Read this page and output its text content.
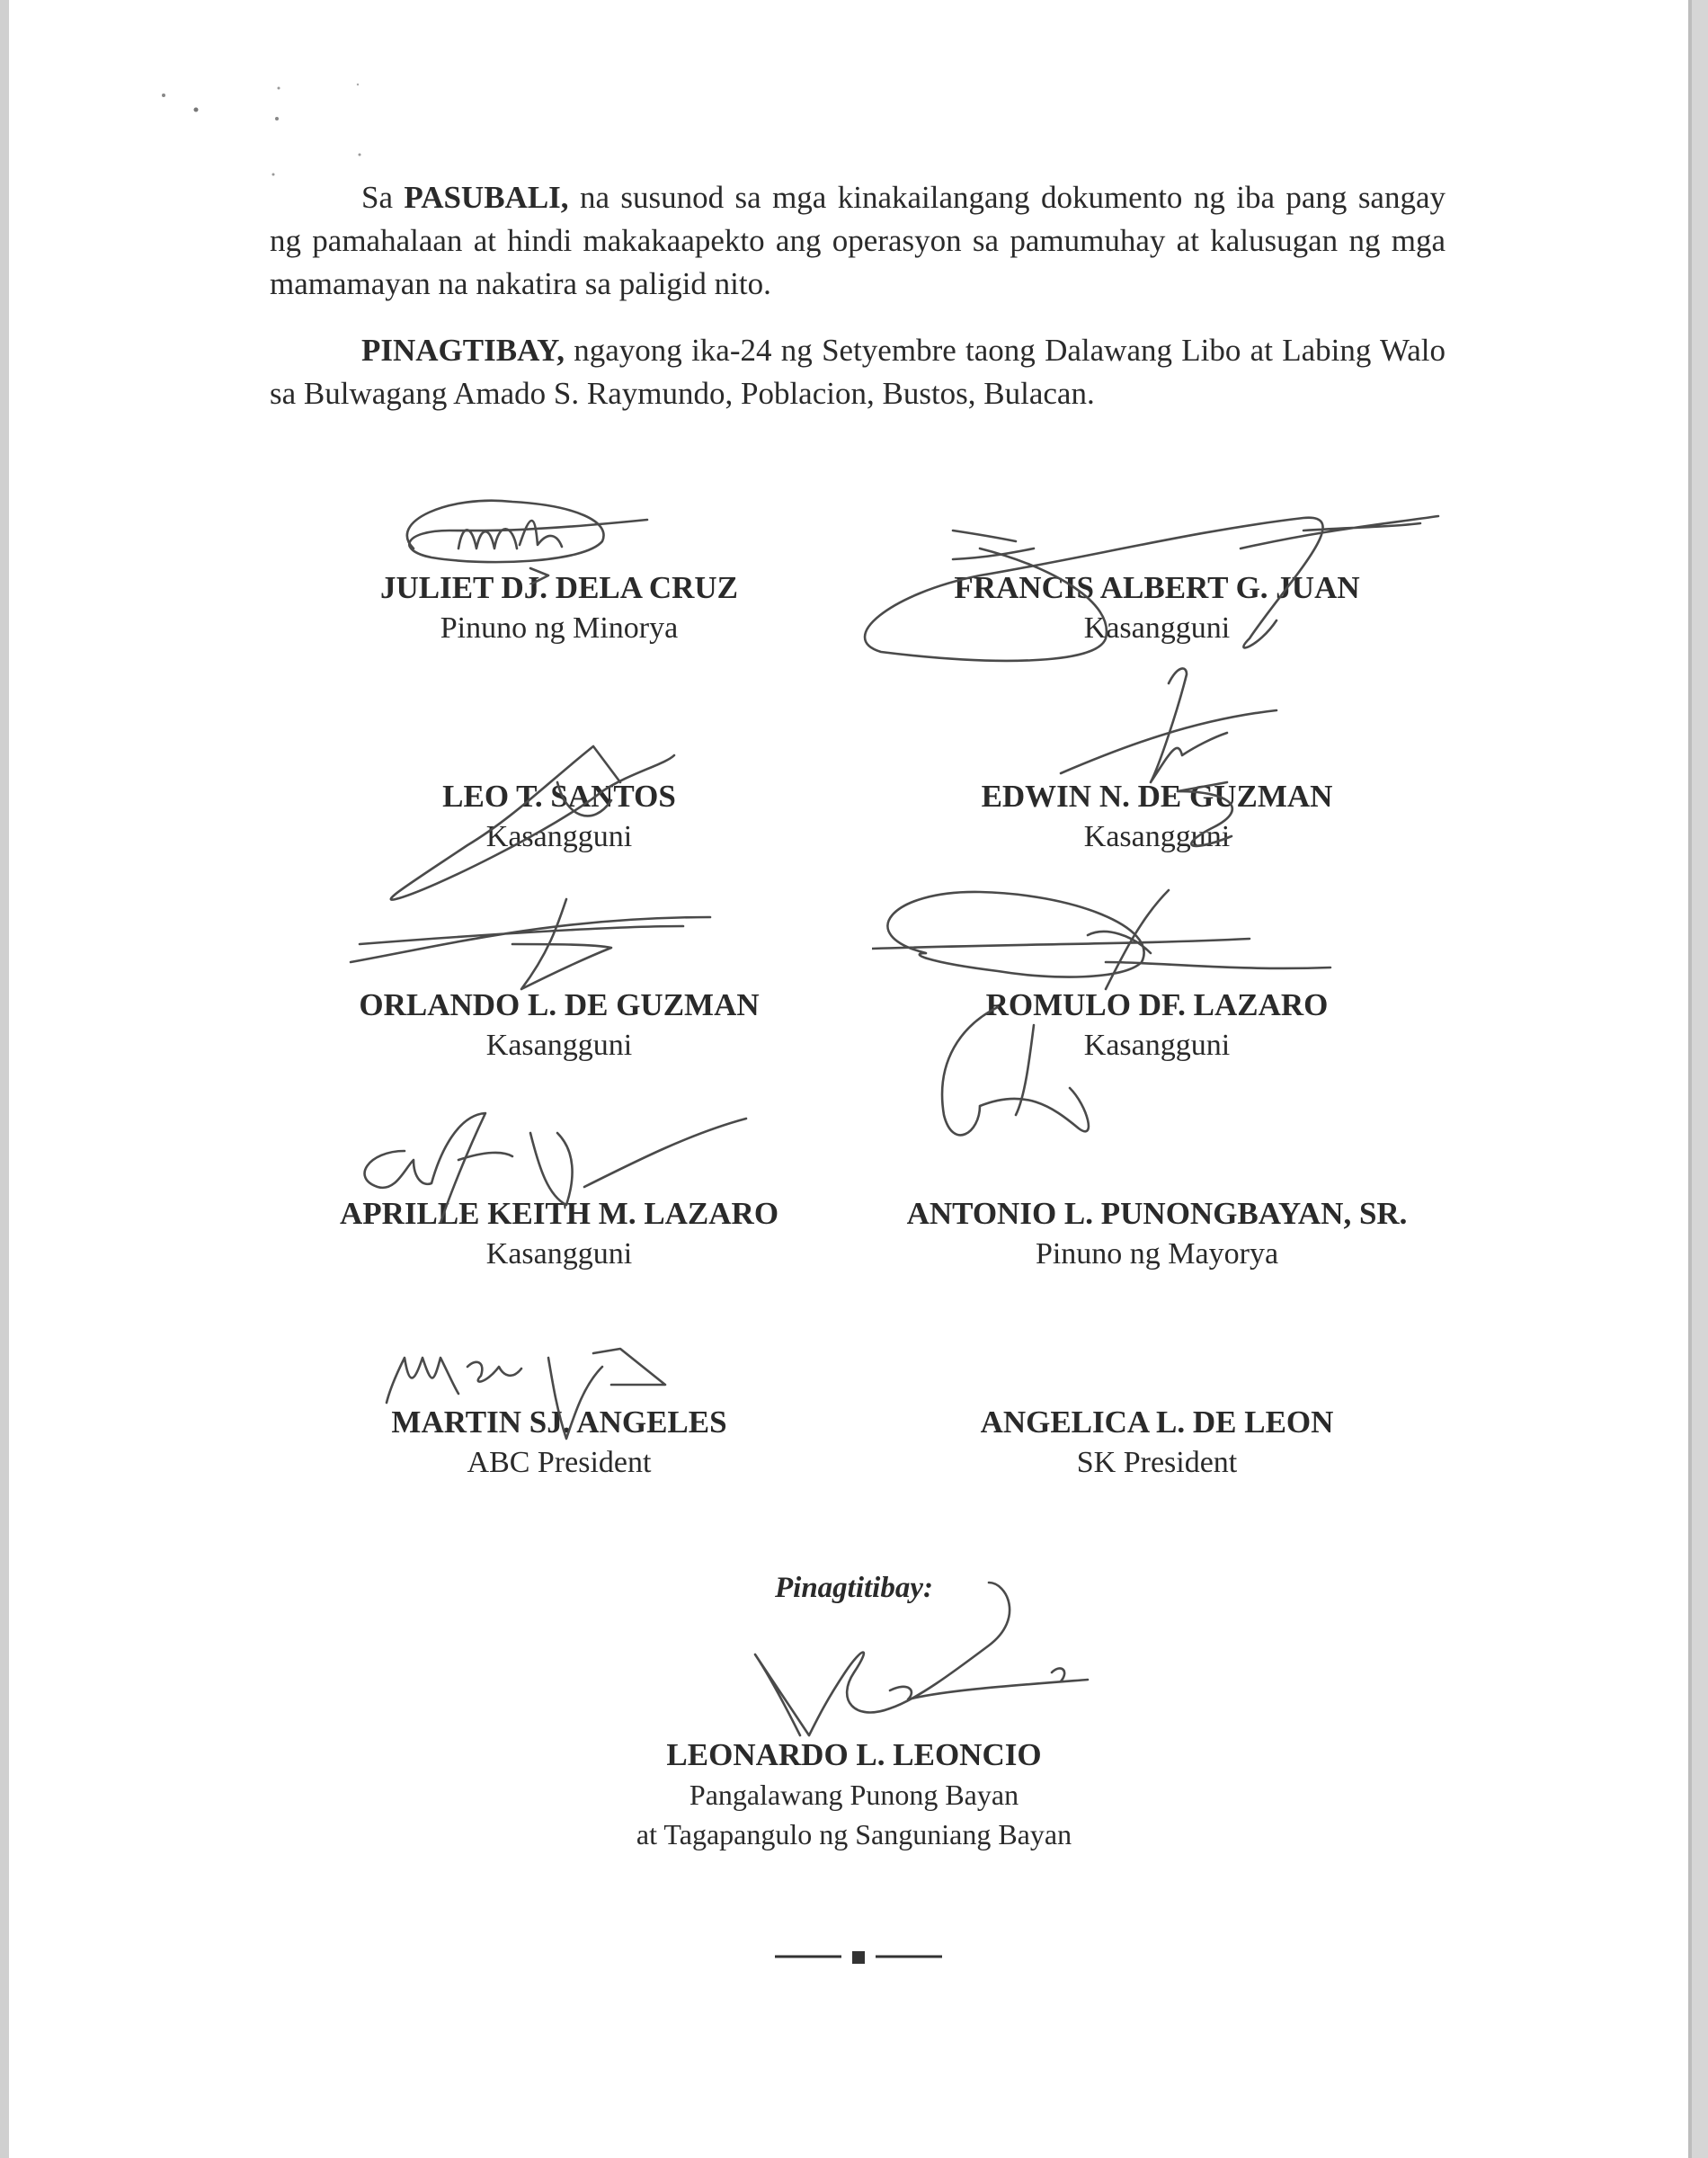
Sa PASUBALI, na susunod sa mga kinakailangang dokumento ng iba pang sangay ng pamahalaan at hindi makakaapekto ang operasyon sa pamumuhay at kalusugan ng mga mamamayan na nakatira sa paligid nito.

PINAGTIBAY, ngayong ika-24 ng Setyembre taong Dalawang Libo at Labing Walo sa Bulwagang Amado S. Raymundo, Poblacion, Bustos, Bulacan.

JULIET DJ. DELA CRUZ
Pinuno ng Minorya
FRANCIS ALBERT G. JUAN
Kasangguni
LEO T. SANTOS
Kasangguni
EDWIN N. DE GUZMAN
Kasangguni
ORLANDO L. DE GUZMAN
Kasangguni
ROMULO DF. LAZARO
Kasangguni
APRILLE KEITH M. LAZARO
Kasangguni
ANTONIO L. PUNONGBAYAN, SR.
Pinuno ng Mayorya
MARTIN SJ. ANGELES
ABC President
ANGELICA L. DE LEON
SK President
Pinagtitibay:
LEONARDO L. LEONCIO
Pangalawang Punong Bayan
at Tagapangulo ng Sanguniang Bayan
